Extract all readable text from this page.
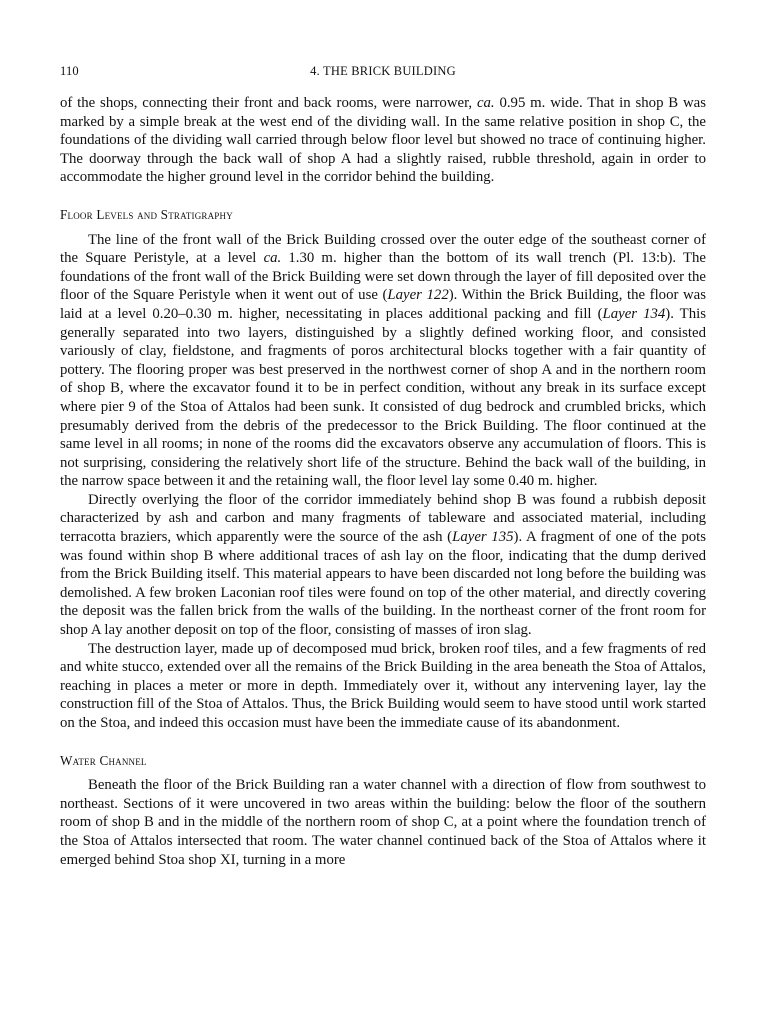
110	4. THE BRICK BUILDING

of the shops, connecting their front and back rooms, were narrower, ca. 0.95 m. wide. That in shop B was marked by a simple break at the west end of the dividing wall. In the same relative position in shop C, the foundations of the dividing wall carried through below floor level but showed no trace of continuing higher. The doorway through the back wall of shop A had a slightly raised, rubble threshold, again in order to accommodate the higher ground level in the corridor behind the building.

Floor Levels and Stratigraphy

The line of the front wall of the Brick Building crossed over the outer edge of the southeast corner of the Square Peristyle, at a level ca. 1.30 m. higher than the bottom of its wall trench (Pl. 13:b). The foundations of the front wall of the Brick Building were set down through the layer of fill deposited over the floor of the Square Peristyle when it went out of use (Layer 122). Within the Brick Building, the floor was laid at a level 0.20–0.30 m. higher, necessitating in places additional packing and fill (Layer 134). This generally separated into two layers, distinguished by a slightly defined working floor, and consisted variously of clay, fieldstone, and fragments of poros architectural blocks together with a fair quantity of pottery. The flooring proper was best preserved in the northwest corner of shop A and in the northern room of shop B, where the excavator found it to be in perfect condition, without any break in its surface except where pier 9 of the Stoa of Attalos had been sunk. It consisted of dug bedrock and crumbled bricks, which presumably derived from the debris of the predecessor to the Brick Building. The floor continued at the same level in all rooms; in none of the rooms did the excavators observe any accumulation of floors. This is not surprising, considering the relatively short life of the structure. Behind the back wall of the building, in the narrow space between it and the retaining wall, the floor level lay some 0.40 m. higher.

Directly overlying the floor of the corridor immediately behind shop B was found a rubbish deposit characterized by ash and carbon and many fragments of tableware and associated material, including terracotta braziers, which apparently were the source of the ash (Layer 135). A fragment of one of the pots was found within shop B where additional traces of ash lay on the floor, indicating that the dump derived from the Brick Building itself. This material appears to have been discarded not long before the building was demolished. A few broken Laconian roof tiles were found on top of the other material, and directly covering the deposit was the fallen brick from the walls of the building. In the northeast corner of the front room for shop A lay another deposit on top of the floor, consisting of masses of iron slag.

The destruction layer, made up of decomposed mud brick, broken roof tiles, and a few fragments of red and white stucco, extended over all the remains of the Brick Building in the area beneath the Stoa of Attalos, reaching in places a meter or more in depth. Immediately over it, without any intervening layer, lay the construction fill of the Stoa of Attalos. Thus, the Brick Building would seem to have stood until work started on the Stoa, and indeed this occasion must have been the immediate cause of its abandonment.

Water Channel

Beneath the floor of the Brick Building ran a water channel with a direction of flow from southwest to northeast. Sections of it were uncovered in two areas within the building: below the floor of the southern room of shop B and in the middle of the northern room of shop C, at a point where the foundation trench of the Stoa of Attalos intersected that room. The water channel continued back of the Stoa of Attalos where it emerged behind Stoa shop XI, turning in a more
